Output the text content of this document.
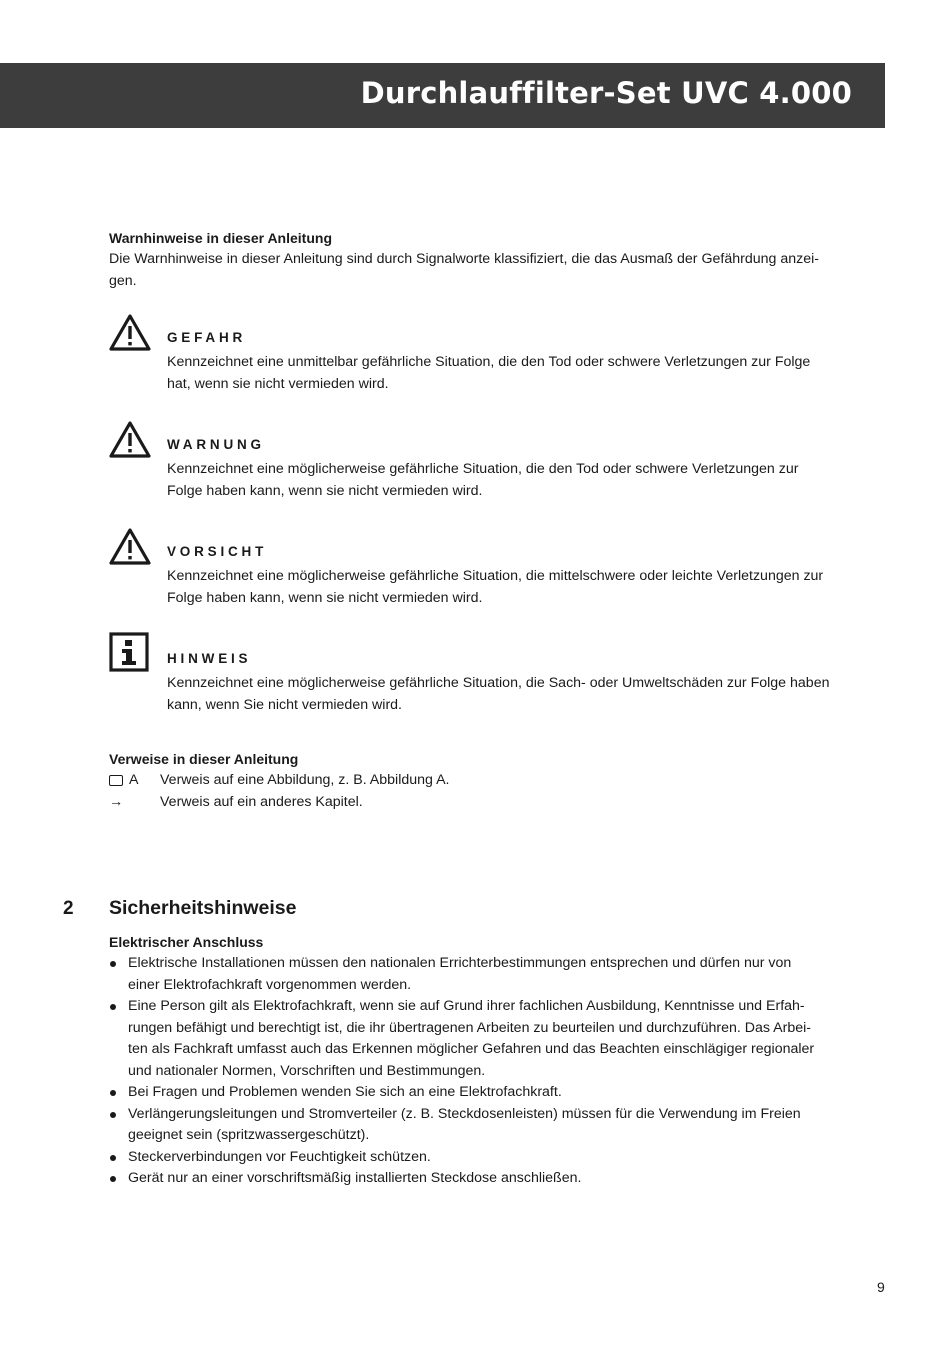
Durchlauffilter-Set UVC 4.000
Warnhinweise in dieser Anleitung
Die Warnhinweise in dieser Anleitung sind durch Signalworte klassifiziert, die das Ausmaß der Gefährdung anzei-
gen.
GEFAHR
Kennzeichnet eine unmittelbar gefährliche Situation, die den Tod oder schwere Verletzungen zur Folge
hat, wenn sie nicht vermieden wird.
WARNUNG
Kennzeichnet eine möglicherweise gefährliche Situation, die den Tod oder schwere Verletzungen zur
Folge haben kann, wenn sie nicht vermieden wird.
VORSICHT
Kennzeichnet eine möglicherweise gefährliche Situation, die mittelschwere oder leichte Verletzungen zur
Folge haben kann, wenn sie nicht vermieden wird.
HINWEIS
Kennzeichnet eine möglicherweise gefährliche Situation, die Sach- oder Umweltschäden zur Folge haben
kann, wenn Sie nicht vermieden wird.
Verweise in dieser Anleitung
A Verweis auf eine Abbildung, z. B. Abbildung A.
→	Verweis auf ein anderes Kapitel.
2	Sicherheitshinweise
Elektrischer Anschluss
Elektrische Installationen müssen den nationalen Errichterbestimmungen entsprechen und dürfen nur von
einer Elektrofachkraft vorgenommen werden.
Eine Person gilt als Elektrofachkraft, wenn sie auf Grund ihrer fachlichen Ausbildung, Kenntnisse und Erfah-
rungen befähigt und berechtigt ist, die ihr übertragenen Arbeiten zu beurteilen und durchzuführen. Das Arbei-
ten als Fachkraft umfasst auch das Erkennen möglicher Gefahren und das Beachten einschlägiger regionaler
und nationaler Normen, Vorschriften und Bestimmungen.
Bei Fragen und Problemen wenden Sie sich an eine Elektrofachkraft.
Verlängerungsleitungen und Stromverteiler (z. B. Steckdosenleisten) müssen für die Verwendung im Freien
geeignet sein (spritzwassergeschützt).
Steckerverbindungen vor Feuchtigkeit schützen.
Gerät nur an einer vorschriftsmäßig installierten Steckdose anschließen.
9
